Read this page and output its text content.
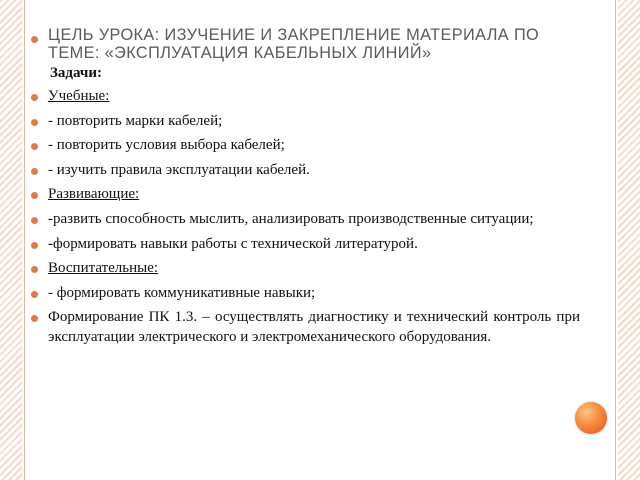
ЦЕЛЬ УРОКА: ИЗУЧЕНИЕ И ЗАКРЕПЛЕНИЕ МАТЕРИАЛА ПО ТЕМЕ: «ЭКСПЛУАТАЦИЯ КАБЕЛЬНЫХ ЛИНИЙ»
Задачи:
Учебные:
- повторить марки кабелей;
- повторить условия выбора кабелей;
- изучить правила эксплуатации кабелей.
Развивающие:
-развить способность мыслить, анализировать производственные ситуации;
-формировать навыки работы с технической литературой.
Воспитательные:
- формировать коммуникативные навыки;
Формирование ПК 1.3. – осуществлять диагностику и технический контроль при эксплуатации электрического и электромеханического оборудования.
